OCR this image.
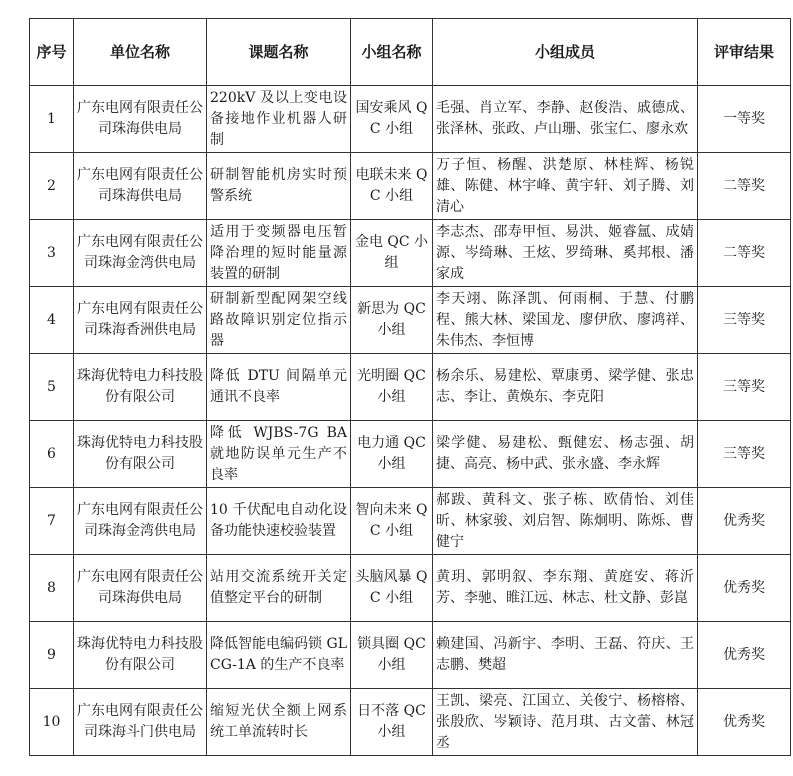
序号	单位名称	课题名称	小组名称	小组成员	评审结果
1	广东电网有限责任公司珠海供电局	220kV 及以上变电设备接地作业机器人研制	国安乘风 QC 小组	毛强、肖立军、李静、赵俊浩、戚德成、张泽林、张政、卢山珊、张宝仁、廖永欢	一等奖
2	广东电网有限责任公司珠海供电局	研制智能机房实时预警系统	电联未来 QC 小组	万子恒、杨醒、洪楚原、林桂辉、杨锐雄、陈健、林宇峰、黄宇轩、刘子腾、刘清心	二等奖
3	广东电网有限责任公司珠海金湾供电局	适用于变频器电压暂降治理的短时能量源装置的研制	金电 QC 小组	李志杰、邵寿甲恒、易洪、姬睿氲、成婧源、岑绮琳、王炫、罗绮琳、奚邦根、潘家成	二等奖
4	广东电网有限责任公司珠海香洲供电局	研制新型配网架空线路故障识别定位指示器	新思为 QC 小组	李天翊、陈泽凯、何雨桐、于慧、付鹏程、熊大林、梁国龙、廖伊欣、廖鸿祥、朱伟杰、李恒博	三等奖
5	珠海优特电力科技股份有限公司	降低 DTU 间隔单元通讯不良率	光明圈 QC 小组	杨余乐、易建松、覃康勇、梁学健、张忠志、李让、黄焕东、李克阳	三等奖
6	珠海优特电力科技股份有限公司	降低 WJBS-7G BA 就地防误单元生产不良率	电力通 QC 小组	梁学健、易建松、甄健宏、杨志强、胡捷、高亮、杨中武、张永盛、李永辉	三等奖
7	广东电网有限责任公司珠海金湾供电局	10 千伏配电自动化设备功能快速校验装置	智向未来 QC 小组	郝跋、黄科文、张子栋、欧倩怡、刘佳昕、林家骏、刘启智、陈炯明、陈烁、曹健宁	优秀奖
8	广东电网有限责任公司珠海供电局	站用交流系统开关定值整定平台的研制	头脑风暴 QC 小组	黄玥、郭明叙、李东翔、黄庭安、蒋沂芳、李驰、睢江远、林志、杜文静、彭崑	优秀奖
9	珠海优特电力科技股份有限公司	降低智能电编码锁 GLCG-1A 的生产不良率	锁具圈 QC 小组	赖建国、冯新宇、李明、王磊、符庆、王志鹏、樊超	优秀奖
10	广东电网有限责任公司珠海斗门供电局	缩短光伏全额上网系统工单流转时长	日不落 QC 小组	王凯、梁亮、江国立、关俊宁、杨榕榕、张殷欣、岑颖诗、范月琪、古文蕾、林冠丞	优秀奖
